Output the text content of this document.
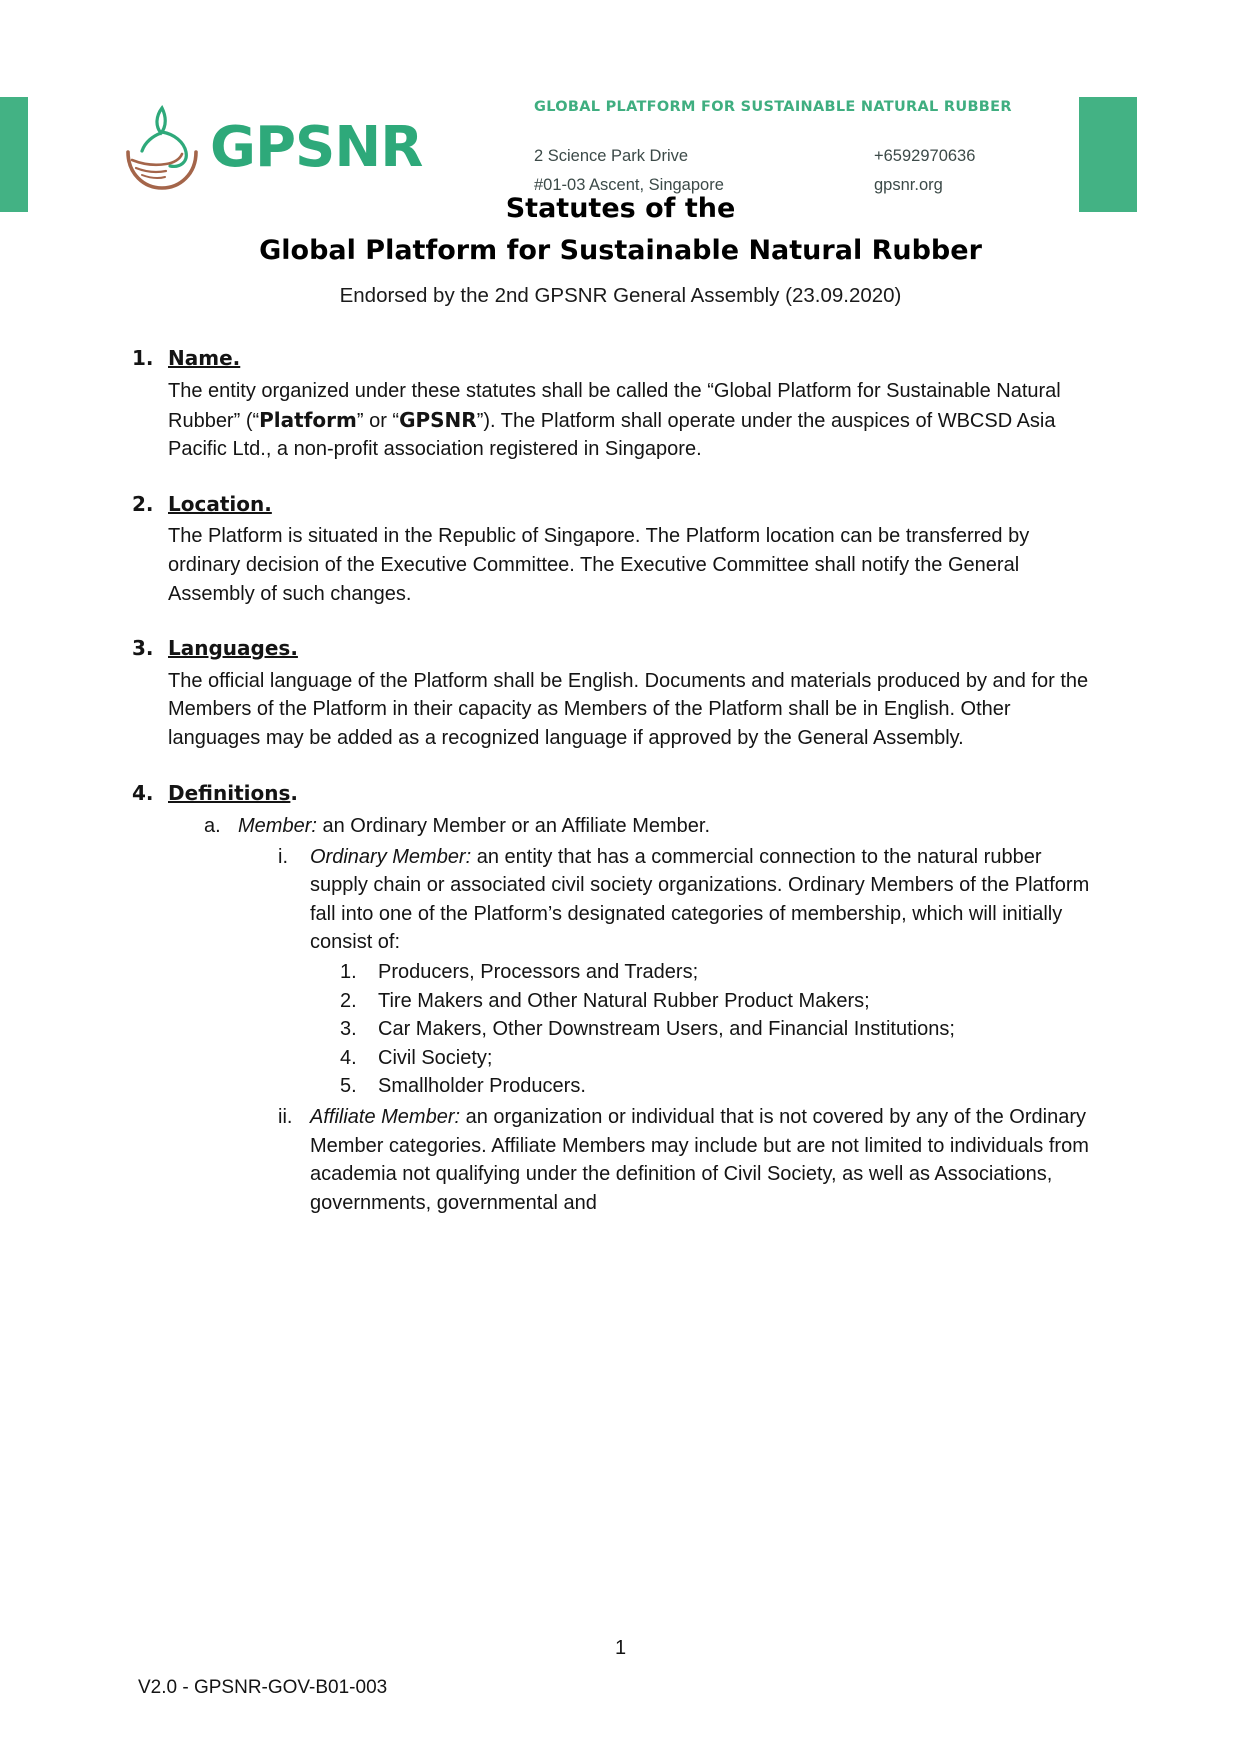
GPSNR
GLOBAL PLATFORM FOR SUSTAINABLE NATURAL RUBBER
2 Science Park Drive	+6592970636
#01-03 Ascent, Singapore	gpsnr.org
Statutes of the
Global Platform for Sustainable Natural Rubber
Endorsed by the 2nd GPSNR General Assembly (23.09.2020)
1. Name.
The entity organized under these statutes shall be called the “Global Platform for Sustainable Natural Rubber” (“Platform” or “GPSNR”). The Platform shall operate under the auspices of WBCSD Asia Pacific Ltd., a non-profit association registered in Singapore.
2. Location.
The Platform is situated in the Republic of Singapore. The Platform location can be transferred by ordinary decision of the Executive Committee. The Executive Committee shall notify the General Assembly of such changes.
3. Languages.
The official language of the Platform shall be English. Documents and materials produced by and for the Members of the Platform in their capacity as Members of the Platform shall be in English. Other languages may be added as a recognized language if approved by the General Assembly.
4. Definitions.
a. Member: an Ordinary Member or an Affiliate Member.
i. Ordinary Member: an entity that has a commercial connection to the natural rubber supply chain or associated civil society organizations. Ordinary Members of the Platform fall into one of the Platform’s designated categories of membership, which will initially consist of:
1. Producers, Processors and Traders;
2. Tire Makers and Other Natural Rubber Product Makers;
3. Car Makers, Other Downstream Users, and Financial Institutions;
4. Civil Society;
5. Smallholder Producers.
ii. Affiliate Member: an organization or individual that is not covered by any of the Ordinary Member categories. Affiliate Members may include but are not limited to individuals from academia not qualifying under the definition of Civil Society, as well as Associations, governments, governmental and
1
V2.0 - GPSNR-GOV-B01-003
